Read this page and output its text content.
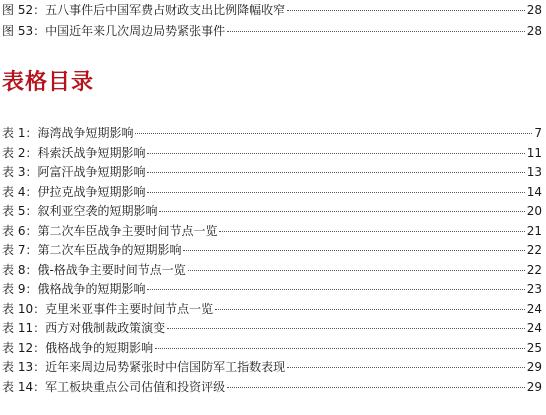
图 52：五八事件后中国军费占财政支出比例降幅收窄	28
图 53：中国近年来几次周边局势紧张事件	28
表格目录
表 1：海湾战争短期影响	7
表 2：科索沃战争短期影响	11
表 3：阿富汗战争短期影响	13
表 4：伊拉克战争短期影响	14
表 5：叙利亚空袭的短期影响	20
表 6：第二次车臣战争主要时间节点一览	21
表 7：第二次车臣战争的短期影响	22
表 8：俄-格战争主要时间节点一览	22
表 9：俄格战争的短期影响	23
表 10：克里米亚事件主要时间节点一览	24
表 11：西方对俄制裁政策演变	24
表 12：俄格战争的短期影响	25
表 13：近年来周边局势紧张时中信国防军工指数表现	29
表 14：军工板块重点公司估值和投资评级	29
